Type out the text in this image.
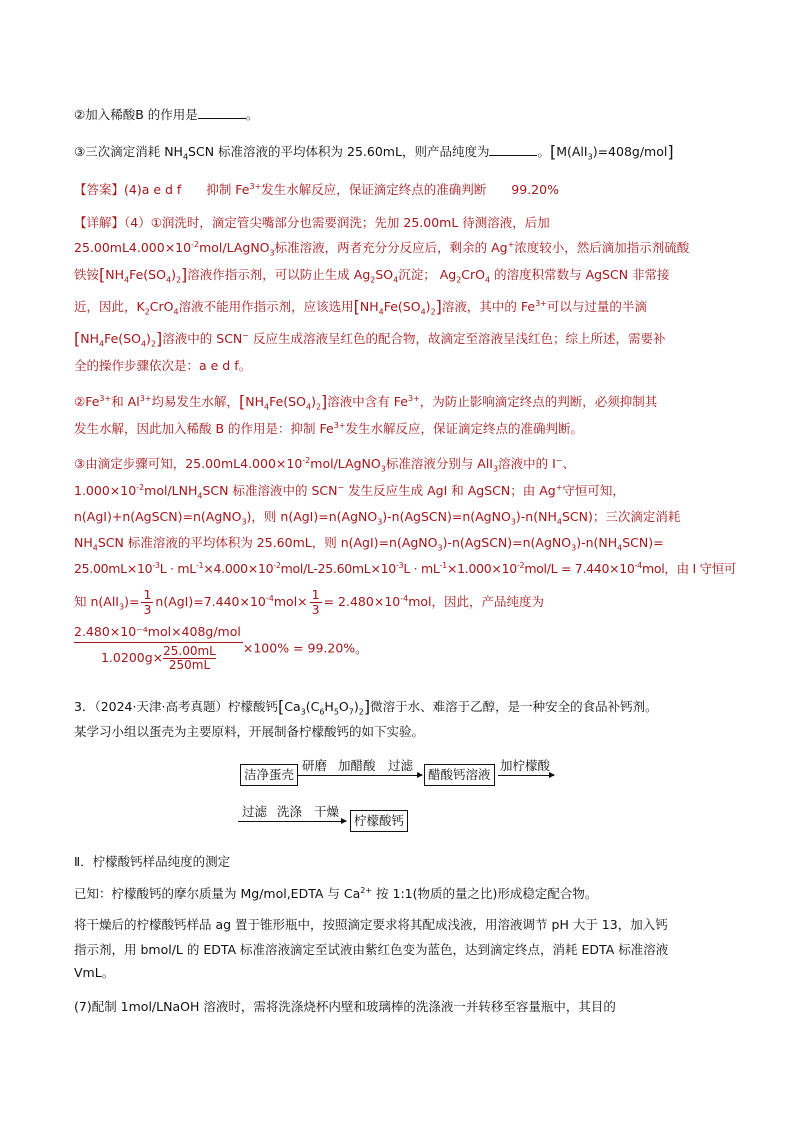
②加入稀酸B 的作用是	。
③三次滴定消耗 $NH_4SCN$ 标准溶液的平均体积为 25.60mL，则产品纯度为	。[M(AlI$_3$)=408g/mol]
【答案】(4)a e d f　　抑制 $Fe^{3+}$发生水解反应，保证滴定终点的准确判断　　99.20%
【详解】（4）①润洗时，滴定管尖嘴部分也需要润洗；先加 25.00mL 待测溶液，后加
$25.00mL4.000\times 10^{-2}mol/LAgNO_3$标准溶液，两者充分分反应后，剩余的 Ag+浓度较小，然后滴加指示剂硫酸
铁铵$[NH_4Fe(SO_4)_2]$溶液作指示剂，可以防止生成 $Ag_2SO_4$沉淀； $Ag_2CrO_4$ 的溶度积常数与 AgSCN 非常接
近，因此，$K_2CrO_4$溶液不能用作指示剂，应该选用$[NH_4Fe(SO_4)_2]$溶液，其中的 $Fe^{3+}$可以与过量的半滴
$[NH_4Fe(SO_4)_2]$溶液中的 SCN− 反应生成溶液呈红色的配合物，故滴定至溶液呈浅红色；综上所述，需要补
全的操作步骤依次是：a e d f。
$②Fe^{3+}$和 $Al^{3+}$均易发生水解，$[NH_4Fe(SO_4)_2]$溶液中含有 $Fe^{3+}$，为防止影响滴定终点的判断，必须抑制其
发生水解，因此加入稀酸 B 的作用是：抑制 $Fe^{3+}$发生水解反应，保证滴定终点的准确判断。
③由滴定步骤可知，$25.00mL4.000\times 10^{-2}mol/LAgNO_3$标准溶液分别与 AlI$_3$溶液中的 I−、
$1.000\times 10^{-2}mol/LNH_4SCN$ 标准溶液中的 SCN− 发生反应生成 AgI 和 AgSCN；由 Ag+守恒可知，
n(AgI)+n(AgSCN)=n(AgNO$_3$)，则 $n(AgI)=n(AgNO_3)-n(AgSCN)=n(AgNO_3)-n(NH_4SCN)$；三次滴定消耗
$NH_4SCN$ 标准溶液的平均体积为 25.60mL，则 $n(AgI)=n(AgNO_3)-n(AgSCN)=n(AgNO_3)-n(NH_4SCN)=$
$25.00mL\times 10^{-3}L \cdot mL^{-1}\times 4.000\times 10^{-2}mol/L-25.60mL\times 10^{-3}L \cdot mL^{-1}\times 1.000\times 10^{-2}mol/L = 7.440\times 10^{-4}mol$，由 I 守恒可
知 $n(AlI_3)= \frac{1}{3} n(AgI)=7.440\times 10^{-4}mol\times \frac{1}{3} = 2.480\times 10^{-4}mol$，因此，产品纯度为
$\frac{\text{2.480×10⁻⁴mol×408g/mol}}{1.0200g\times \frac{25.00mL}{250mL}} \times 100\% = 99.20\%$。
3．（2024·天津·高考真题）柠檬酸钙$[Ca_3(C_6H_5O_7)_2]$微溶于水、难溶于乙醇，是一种安全的食品补钙剂。
某学习小组以蛋壳为主要原料，开展制备柠檬酸钙的如下实验。
洁净蛋壳
研磨 加醋酸 过滤
醋酸钙溶液
加柠檬酸
过滤 洗涤 干燥
柠檬酸钙
Ⅱ．柠檬酸钙样品纯度的测定
已知：柠檬酸钙的摩尔质量为 Mg/mol,EDTA 与 $Ca^{2+}$ 按 1:1(物质的量之比)形成稳定配合物。
将干燥后的柠檬酸钙样品 ag 置于锥形瓶中，按照滴定要求将其配成浅液，用溶液调节 pH 大于 13，加入钙
指示剂，用 bmol/L 的 EDTA 标准溶液滴定至试液由紫红色变为蓝色，达到滴定终点，消耗 EDTA 标准溶液
VmL。
(7)配制 1mol/LNaOH 溶液时，需将洗涤烧杯内壁和玻璃棒的洗涤液一并转移至容量瓶中，其目的
